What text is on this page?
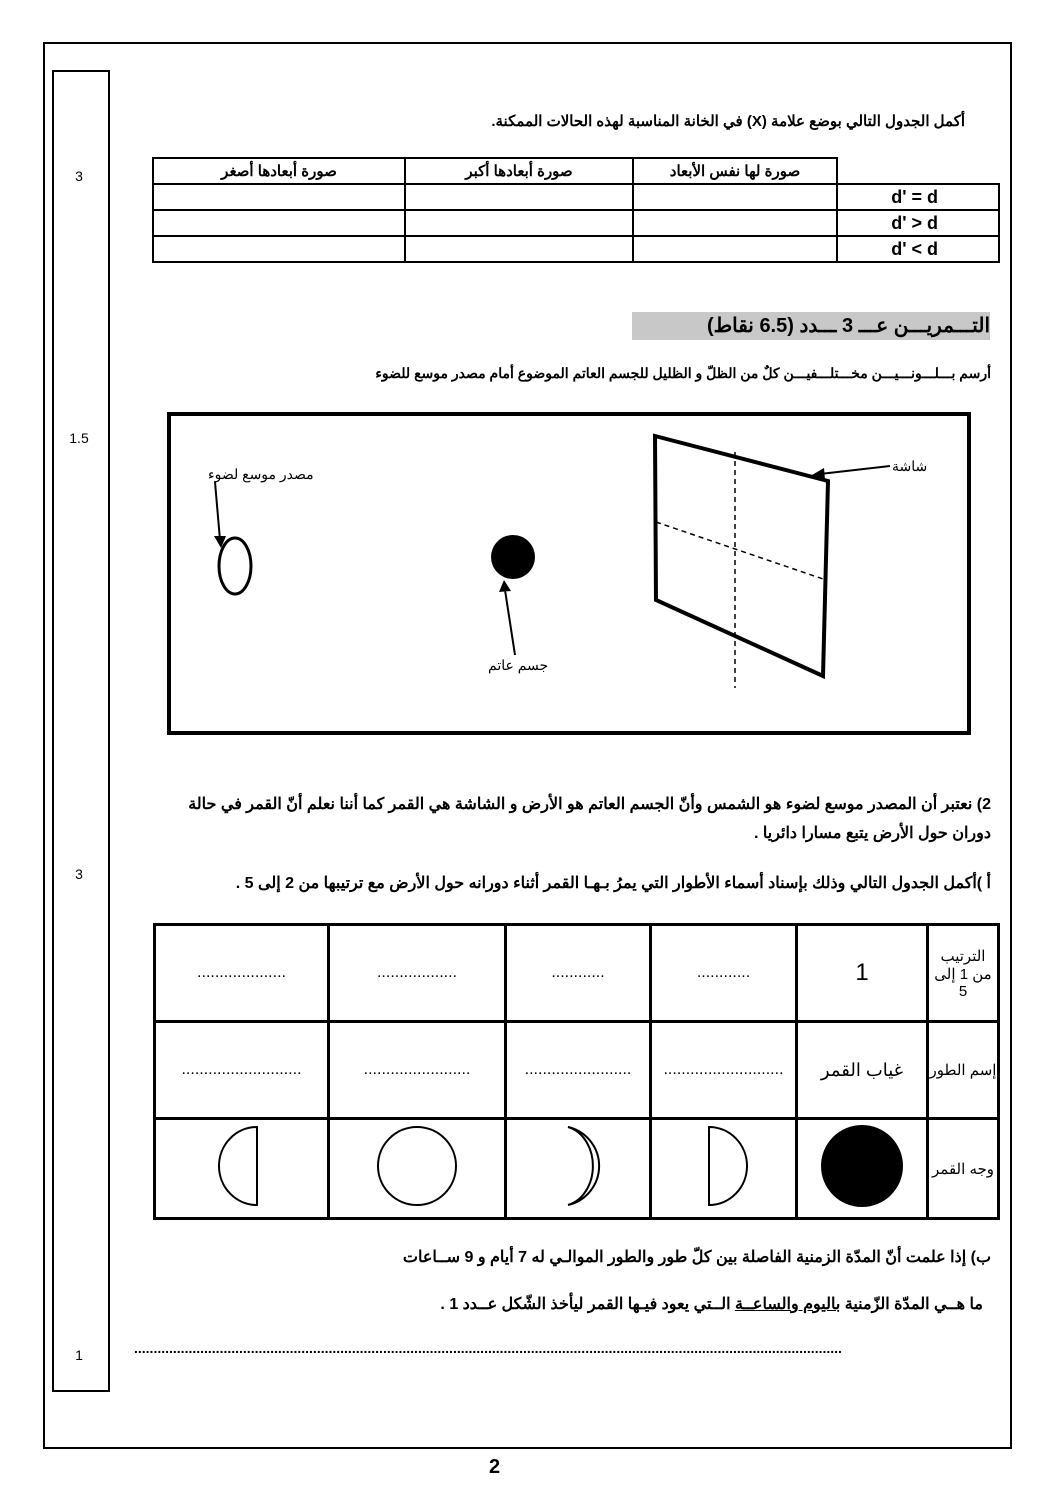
3
1.5
3
1
أكمل الجدول التالي بوضع علامة (X) في الخانة المناسبة لهذه الحالات الممكنة.
صورة أبعادها أصغر	صورة أبعادها أكبر	صورة لها نفس الأبعاد	
			d' = d
			d' > d
			d' < d
التـــمريـــن عـــ 3 ـــدد (6.5 نقاط)
أرسم بـــلـــونـــيـــن مخـــتلـــفيـــن كلٌ من الظلّ و الظليل للجسم العاتم الموضوع أمام مصدر موسع للضوء
مصدر موسع لضوء
جسم عاتم
شاشة
2) نعتبر أن المصدر موسع لضوء هو الشمس وأنّ الجسم العاتم هو الأرض و الشاشة هي القمر كما أننا نعلم أنّ القمر في حالة
دوران حول الأرض يتبع مسارا دائريا .
أ )أكمل الجدول التالي وذلك بإسناد أسماء الأطوار التي يمرُ بـهـا القمر أثناء دورانه حول الأرض مع ترتيبها من 2 إلى 5 .
....................	..................	............	............	1	الترتيب من 1 إلى 5
...........................	........................	........................	...........................	غياب القمر	إسم الطور
					وجه القمر
ب) إذا علمت أنّ المدّة الزمنية الفاصلة بين كلّ طور والطور الموالـي له 7 أيام و 9 ســاعات
ما هــي المدّة الزّمنية باليوم والساعــة الــتي يعود فيـها القمر ليأخذ الشّكل عــدد 1 .
......................................................................................................................................................................................
2
